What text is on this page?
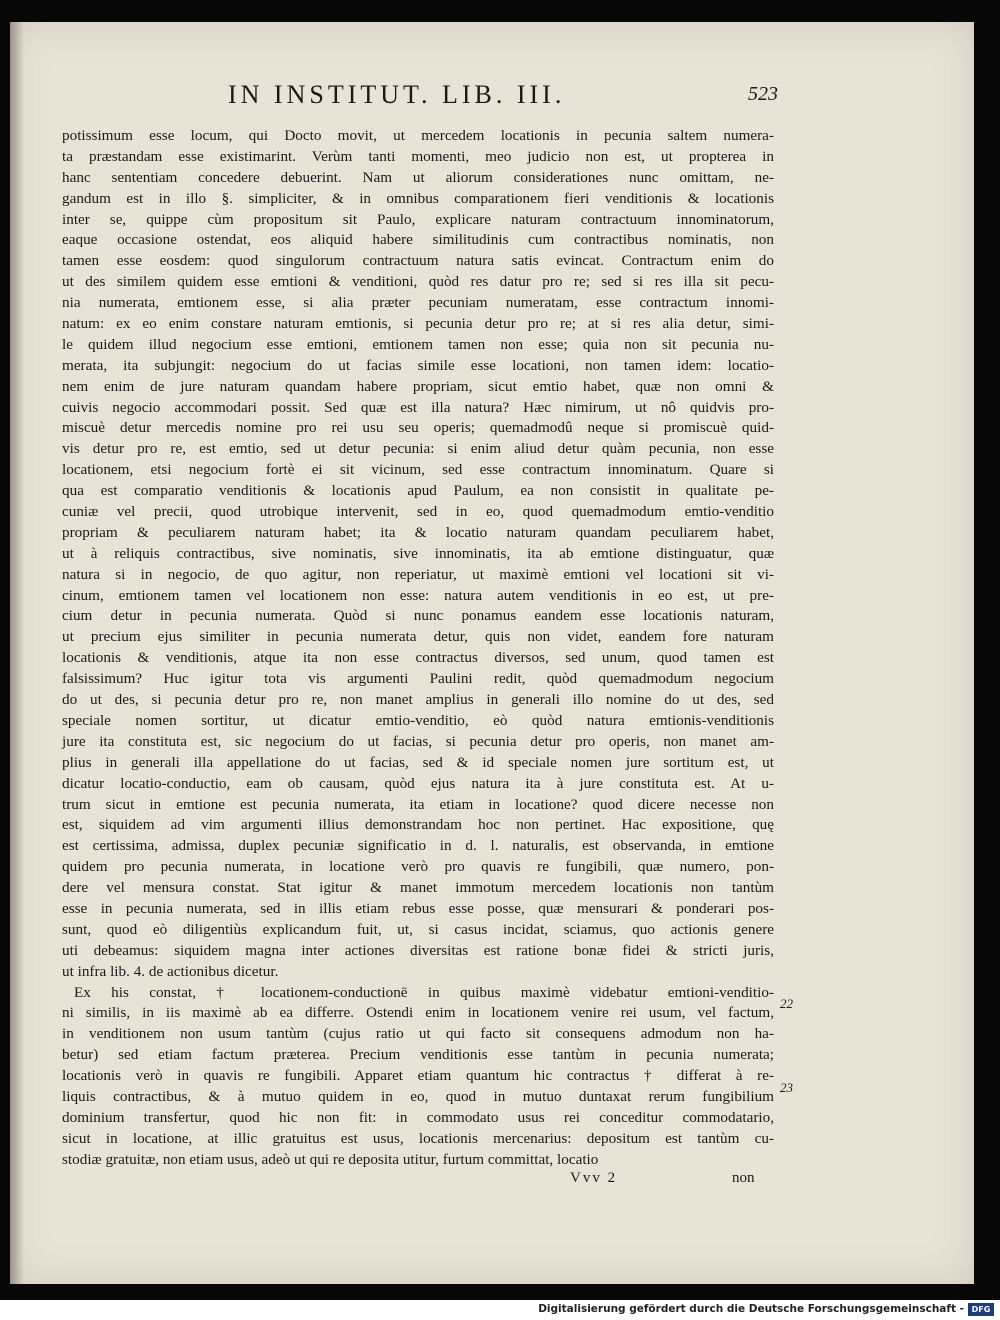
IN INSTITUT. LIB. III.	523
potissimum esse locum, qui Docto movit, ut mercedem locationis in pecunia saltem numera-
ta præstandam esse existimarint. Verùm tanti momenti, meo judicio non est, ut propterea in
hanc sententiam concedere debuerint. Nam ut aliorum considerationes nunc omittam, ne-
gandum est in illo §. simpliciter, & in omnibus comparationem fieri venditionis & locationis
inter se, quippe cùm propositum sit Paulo, explicare naturam contractuum innominatorum,
eaque occasione ostendat, eos aliquid habere similitudinis cum contractibus nominatis, non
tamen esse eosdem: quod singulorum contractuum natura satis evincat. Contractum enim do
ut des similem quidem esse emtioni & venditioni, quòd res datur pro re; sed si res illa sit pecu-
nia numerata, emtionem esse, si alia præter pecuniam numeratam, esse contractum innomi-
natum: ex eo enim constare naturam emtionis, si pecunia detur pro re; at si res alia detur, simi-
le quidem illud negocium esse emtioni, emtionem tamen non esse; quia non sit pecunia nu-
merata, ita subjungit: negocium do ut facias simile esse locationi, non tamen idem: locatio-
nem enim de jure naturam quandam habere propriam, sicut emtio habet, quæ non omni &
cuivis negocio accommodari possit. Sed quæ est illa natura? Hæc nimirum, ut nô quidvis pro-
miscuè detur mercedis nomine pro rei usu seu operis; quemadmodû neque si promiscuè quid-
vis detur pro re, est emtio, sed ut detur pecunia: si enim aliud detur quàm pecunia, non esse
locationem, etsi negocium fortè ei sit vicinum, sed esse contractum innominatum. Quare si
qua est comparatio venditionis & locationis apud Paulum, ea non consistit in qualitate pe-
cuniæ vel precii, quod utrobique intervenit, sed in eo, quod quemadmodum emtio-venditio
propriam & peculiarem naturam habet; ita & locatio naturam quandam peculiarem habet,
ut à reliquis contractibus, sive nominatis, sive innominatis, ita ab emtione distinguatur, quæ
natura si in negocio, de quo agitur, non reperiatur, ut maximè emtioni vel locationi sit vi-
cinum, emtionem tamen vel locationem non esse: natura autem venditionis in eo est, ut pre-
cium detur in pecunia numerata. Quòd si nunc ponamus eandem esse locationis naturam,
ut precium ejus similiter in pecunia numerata detur, quis non videt, eandem fore naturam
locationis & venditionis, atque ita non esse contractus diversos, sed unum, quod tamen est
falsissimum? Huc igitur tota vis argumenti Paulini redit, quòd quemadmodum negocium
do ut des, si pecunia detur pro re, non manet amplius in generali illo nomine do ut des, sed
speciale nomen sortitur, ut dicatur emtio-venditio, eò quòd natura emtionis-venditionis
jure ita constituta est, sic negocium do ut facias, si pecunia detur pro operis, non manet am-
plius in generali illa appellatione do ut facias, sed & id speciale nomen jure sortitum est, ut
dicatur locatio-conductio, eam ob causam, quòd ejus natura ita à jure constituta est. At u-
trum sicut in emtione est pecunia numerata, ita etiam in locatione? quod dicere necesse non
est, siquidem ad vim argumenti illius demonstrandam hoc non pertinet. Hac expositione, quę
est certissima, admissa, duplex pecuniæ significatio in d. l. naturalis, est observanda, in emtione
quidem pro pecunia numerata, in locatione verò pro quavis re fungibili, quæ numero, pon-
dere vel mensura constat. Stat igitur & manet immotum mercedem locationis non tantùm
esse in pecunia numerata, sed in illis etiam rebus esse posse, quæ mensurari & ponderari pos-
sunt, quod eò diligentiùs explicandum fuit, ut, si casus incidat, sciamus, quo actionis genere
uti debeamus: siquidem magna inter actiones diversitas est ratione bonæ fidei & stricti juris,
ut infra lib. 4. de actionibus dicetur.
Ex his constat, † locationem-conductionē in quibus maximè videbatur emtioni-venditio-
ni similis, in iis maximè ab ea differre. Ostendi enim in locationem venire rei usum, vel factum,
in venditionem non usum tantùm (cujus ratio ut qui facto sit consequens admodum non ha-
betur) sed etiam factum præterea. Precium venditionis esse tantùm in pecunia numerata;
locationis verò in quavis re fungibili. Apparet etiam quantum hic contractus † differat à re-
liquis contractibus, & à mutuo quidem in eo, quod in mutuo duntaxat rerum fungibilium
dominium transfertur, quod hic non fit: in commodato usus rei conceditur commodatario,
sicut in locatione, at illic gratuitus est usus, locationis mercenarius: depositum est tantùm cu-
stodiæ gratuitæ, non etiam usus, adeò ut qui re deposita utitur, furtum committat, locatio
Vvv 2	non
22
23
Digitalisierung gefördert durch die Deutsche Forschungsgemeinschaft - DFG
